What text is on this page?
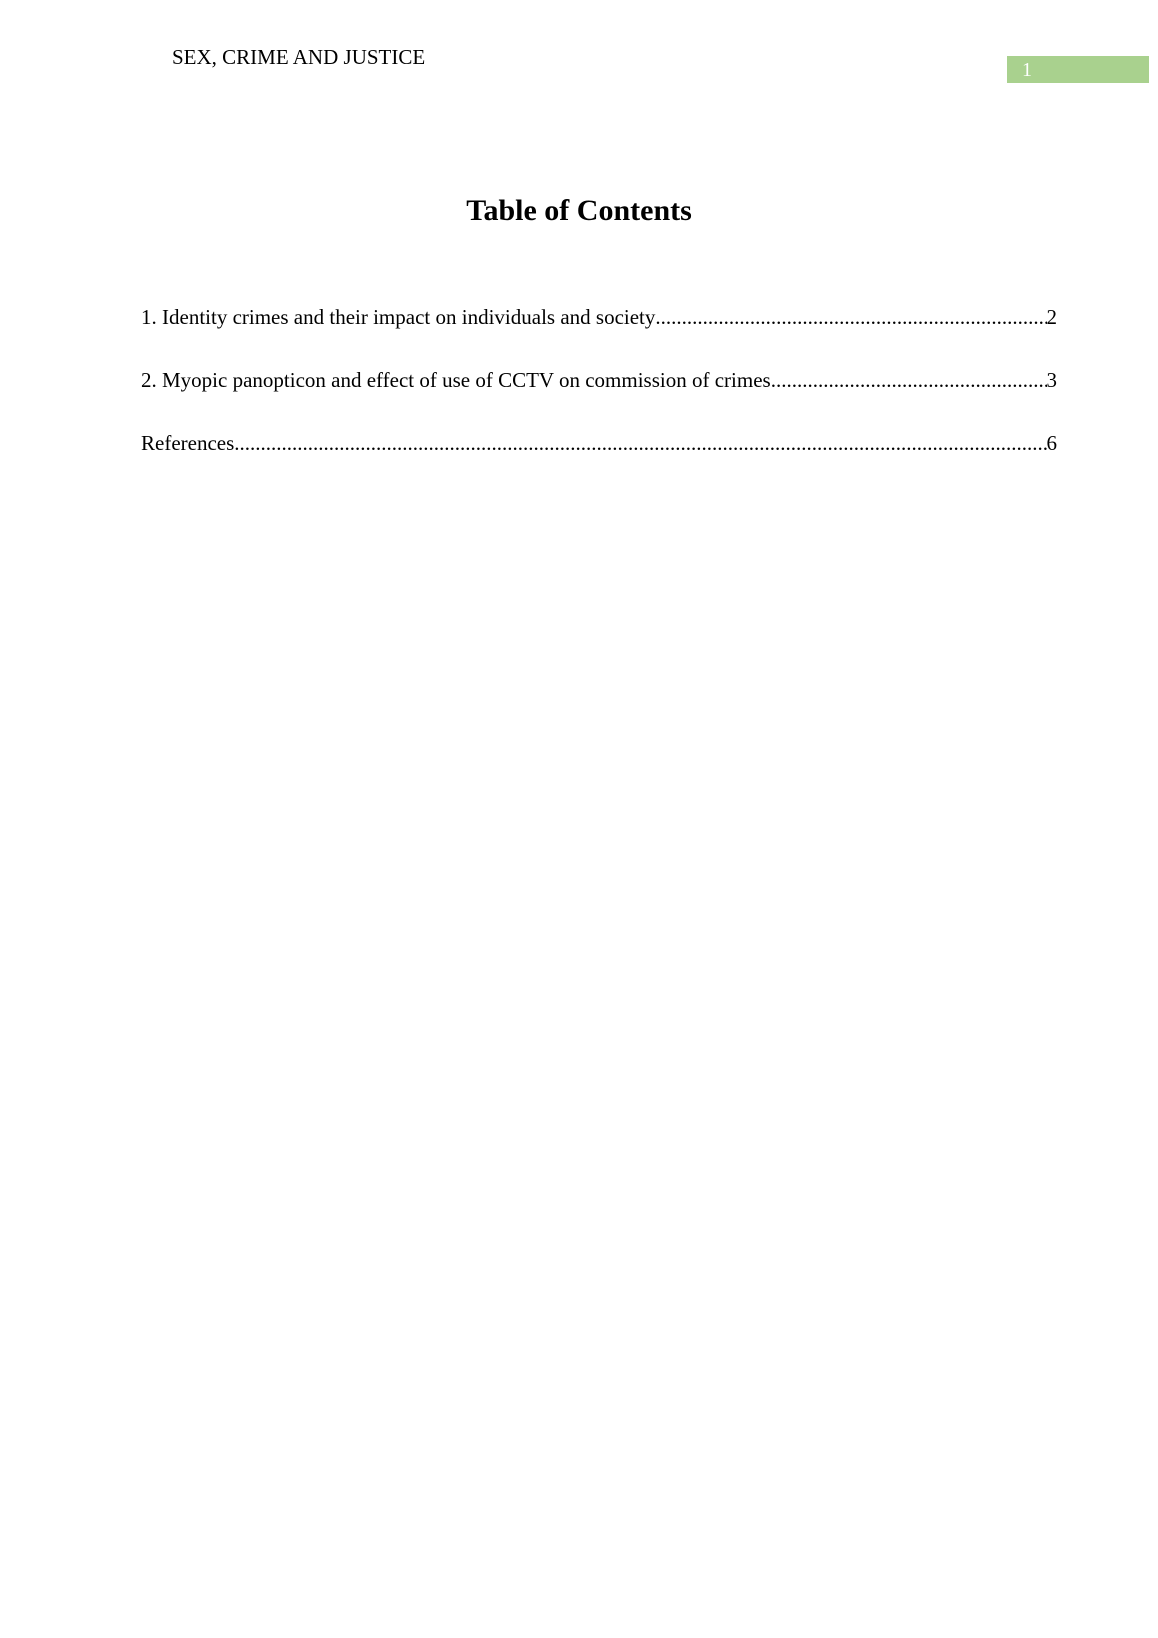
SEX, CRIME AND JUSTICE
1
Table of Contents
1. Identity crimes and their impact on individuals and society .....	2
2. Myopic panopticon and effect of use of CCTV on commission of crimes .....	3
References .....	6
